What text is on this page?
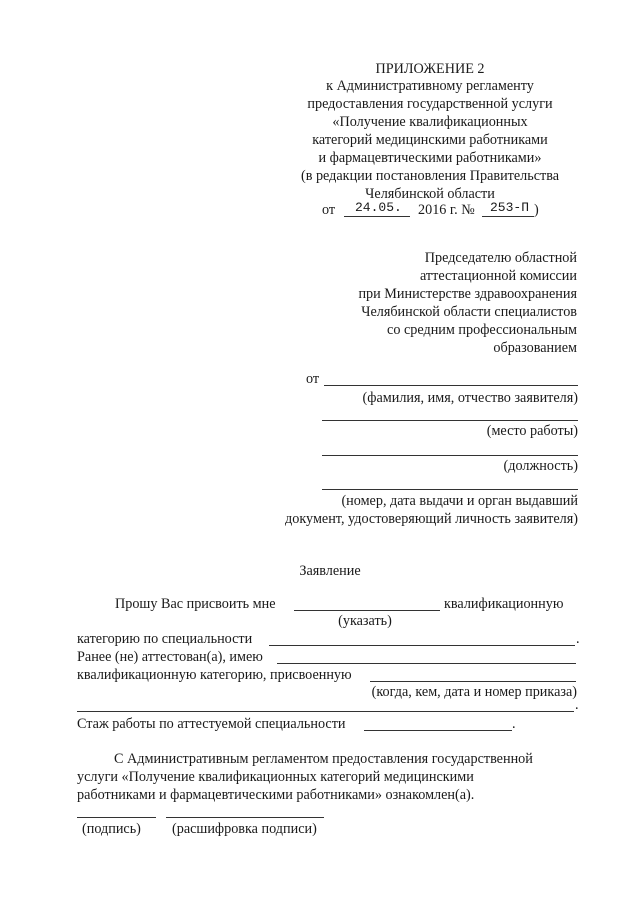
ПРИЛОЖЕНИЕ 2
к Административному регламенту
предоставления государственной услуги
«Получение квалификационных
категорий медицинскими работниками
и фармацевтическими работниками»
(в редакции постановления Правительства
Челябинской области
от 24.05. 2016 г. № 253-П )
Председателю областной
аттестационной комиссии
при Министерстве здравоохранения
Челябинской области специалистов
со средним профессиональным
образованием
от
(фамилия, имя, отчество заявителя)
(место работы)
(должность)
(номер, дата выдачи и орган выдавший
документ, удостоверяющий личность заявителя)
Заявление
Прошу Вас присвоить мне	квалификационную
(указать)
категорию по специальности	.
Ранее (не) аттестован(а), имею
квалификационную категорию, присвоенную
(когда, кем, дата и номер приказа)
.
Стаж работы по аттестуемой специальности	.
С Административным регламентом предоставления государственной
услуги «Получение квалификационных категорий медицинскими
работниками и фармацевтическими работниками» ознакомлен(а).
(подпись) (расшифровка подписи)
